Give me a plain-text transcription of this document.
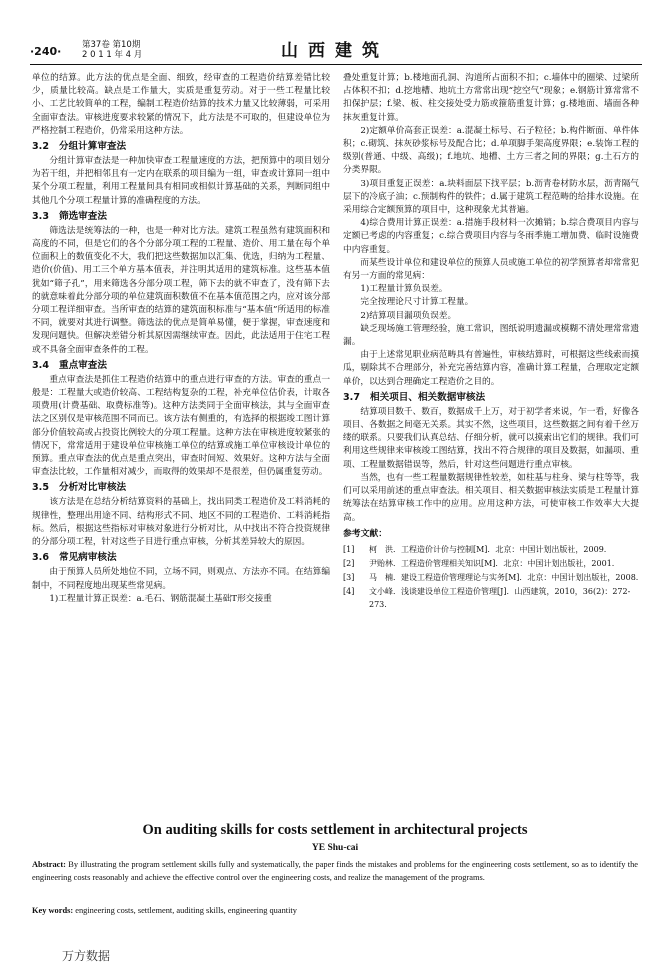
·240· 第37卷 第10期
2 0 1 1 年 4 月	山西建筑

单位的结算。此方法的优点是全面、细致，经审查的工程造价结算差错比较少，质量比较高。缺点是工作量大，实质是重复劳动。对于一些工程量比较小、工艺比较简单的工程，编制工程造价结算的技术力量又比较薄弱，可采用全面审查法。审核进度要求较紧的情况下，此方法是不可取的，但建设单位为严格控制工程造价，仍常采用这种方法。

3.2 分组计算审查法

分组计算审查法是一种加快审查工程量速度的方法，把预算中的项目划分为若干组，并把相邻且有一定内在联系的项目编为一组，审查或计算同一组中某个分项工程量，利用工程量间具有相同或相似计算基础的关系，判断同组中其他几个分项工程量计算的准确程度的方法。

3.3 筛选审查法

筛选法是统筹法的一种，也是一种对比方法。建筑工程虽然有建筑面积和高度的不同，但是它们的各个分部分项工程的工程量、造价、用工量在每个单位面积上的数值变化不大，我们把这些数据加以汇集、优选，归纳为工程量、造价(价值)、用工三个单方基本值表，并注明其适用的建筑标准。这些基本值犹如“筛子孔”，用来筛选各分部分项工程，筛下去的就不审查了，没有筛下去的就意味着此分部分项的单位建筑面积数值不在基本值范围之内，应对该分部分项工程详细审查。当所审查的结算的建筑面积标准与“基本值”所适用的标准不同，就要对其进行调整。筛选法的优点是简单易懂，便于掌握，审查速度和发现问题快。但解决差错分析其原因需继续审查。因此，此法适用于住宅工程或不具备全面审查条件的工程。

3.4 重点审查法

重点审查法是抓住工程造价结算中的重点进行审查的方法。审查的重点一般是：工程量大或造价较高、工程结构复杂的工程，补充单位估价表，计取各项费用(计费基础、取费标准等)。这种方法类同于全面审核法，其与全面审查法之区别仅是审核范围不同而已。该方法有侧重的，有选择的根据竣工图计算部分价值较高或占投资比例较大的分项工程量。这种方法在审核进度较紧张的情况下，常常适用于建设单位审核施工单位的结算或施工单位审核设计单位的预算。重点审查法的优点是重点突出，审查时间短、效果好。这种方法与全面审查法比较，工作量相对减少，而取得的效果却不是很差，但仍属重复劳动。

3.5 分析对比审核法

该方法是在总结分析结算资料的基础上，找出同类工程造价及工料消耗的规律性，整理出用途不同、结构形式不同、地区不同的工程造价、工料消耗指标。然后，根据这些指标对审核对象进行分析对比，从中找出不符合投资规律的分部分项工程，针对这些子目进行重点审核，分析其差异较大的原因。

3.6 常见病审核法

由于预算人员所处地位不同，立场不同，则观点、方法亦不同。在结算编制中，不同程度地出现某些常见病。

1)工程量计算正误差：a.毛石、钢筋混凝土基础T形交接重

叠处重复计算；b.楼地面孔洞、沟道所占面积不扣；c.墙体中的圈梁、过梁所占体积不扣；d.挖地槽、地坑土方常常出现“挖空气”现象；e.钢筋计算常常不扣保护层；f.梁、板、柱交接处受力筋或箍筋重复计算；g.楼地面、墙面各种抹灰重复计算。

2)定额单价高套正误差：a.混凝土标号、石子粒径；b.构件断面、单件体积；c.砌筑、抹灰砂浆标号及配合比；d.单项脚手架高度界限；e.装饰工程的级别(普通、中级、高级)；f.地坑、地槽、土方三者之间的界限；g.土石方的分类界限。

3)项目重复正误差：a.块料面层下找平层；b.沥青卷材防水层，沥青隔气层下的冷底子油；c.预制构件的铁件；d.属于建筑工程范畴的给排水设施。在采用综合定额预算的项目中，这种现象尤其普遍。

4)综合费用计算正误差：a.措施手段材料一次摊销；b.综合费项目内容与定额已考虑的内容重复；c.综合费项目内容与冬雨季施工增加费、临时设施费中内容重复。

而某些设计单位和建设单位的预算人员或施工单位的初学预算者却常常犯有另一方面的常见病：

1)工程量计算负误差。

完全按理论尺寸计算工程量。

2)结算项目漏项负误差。

缺乏现场施工管理经验，施工常识，图纸说明遗漏或模糊不清处理常常遗漏。

由于上述常见职业病范畴具有普遍性，审核结算时，可根据这些线索而摸瓜，剔除其不合理部分，补充完善结算内容，准确计算工程量，合理取定定额单价，以达到合理确定工程造价之目的。

3.7 相关项目、相关数据审核法

结算项目数千、数百，数据成千上万，对于初学者来说，乍一看，好像各项目、各数据之间毫无关系。其实不然，这些项目，这些数据之间有着千丝万缕的联系。只要我们认真总结、仔细分析，就可以摸索出它们的规律。我们可利用这些规律来审核竣工图结算，找出不符合规律的项目及数据，如漏项、重项、工程量数据错误等，然后，针对这些问题进行重点审核。

当然，也有一些工程量数据规律性较差，如柱基与柱身、梁与柱等等，我们可以采用前述的重点审查法。相关项目、相关数据审核法实质是工程量计算统筹法在结算审核工作中的应用。应用这种方法，可使审核工作效率大大提高。

参考文献：
[1]	柯　洪．工程造价计价与控制[M]．北京：中国计划出版社，2009.
[2]	尹贻林．工程造价管理相关知识[M]．北京：中国计划出版社，2001.
[3]	马　楠．建设工程造价管理理论与实务[M]．北京：中国计划出版社，2008.
[4]	文小峰．浅谈建设单位工程造价管理[J]．山西建筑，2010，36(2)：272-273.
On auditing skills for costs settlement in architectural projects
YE Shu-cai
Abstract: By illustrating the program settlement skills fully and systematically, the paper finds the mistakes and problems for the engineering costs settlement, so as to identify the engineering costs reasonably and achieve the effective control over the engineering costs, and realize the management of the programs.
Key words: engineering costs, settlement, auditing skills, engineering quantity
万方数据
